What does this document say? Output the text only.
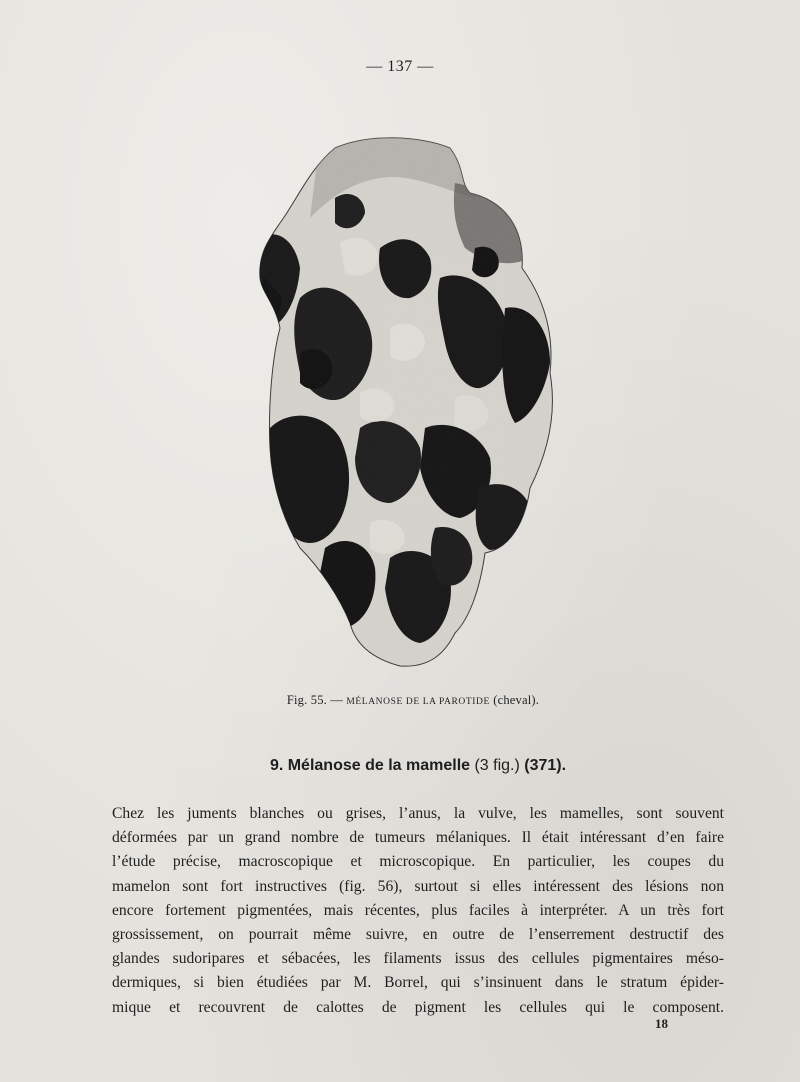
— 137 —
Fig. 55. — MÉLANOSE DE LA PAROTIDE (cheval).
9. Mélanose de la mamelle (3 fig.) (371).
Chez les juments blanches ou grises, l’anus, la vulve, les mamelles, sont souvent
déformées par un grand nombre de tumeurs mélaniques. Il était intéressant d’en faire
l’étude précise, macroscopique et microscopique. En particulier, les coupes du
mamelon sont fort instructives (fig. 56), surtout si elles intéressent des lésions non
encore fortement pigmentées, mais récentes, plus faciles à interpréter. A un très fort
grossissement, on pourrait même suivre, en outre de l’enserrement destructif des
glandes sudoripares et sébacées, les filaments issus des cellules pigmentaires méso-
dermiques, si bien étudiées par M. Borrel, qui s’insinuent dans le stratum épider-
mique et recouvrent de calottes de pigment les cellules qui le composent.
18
